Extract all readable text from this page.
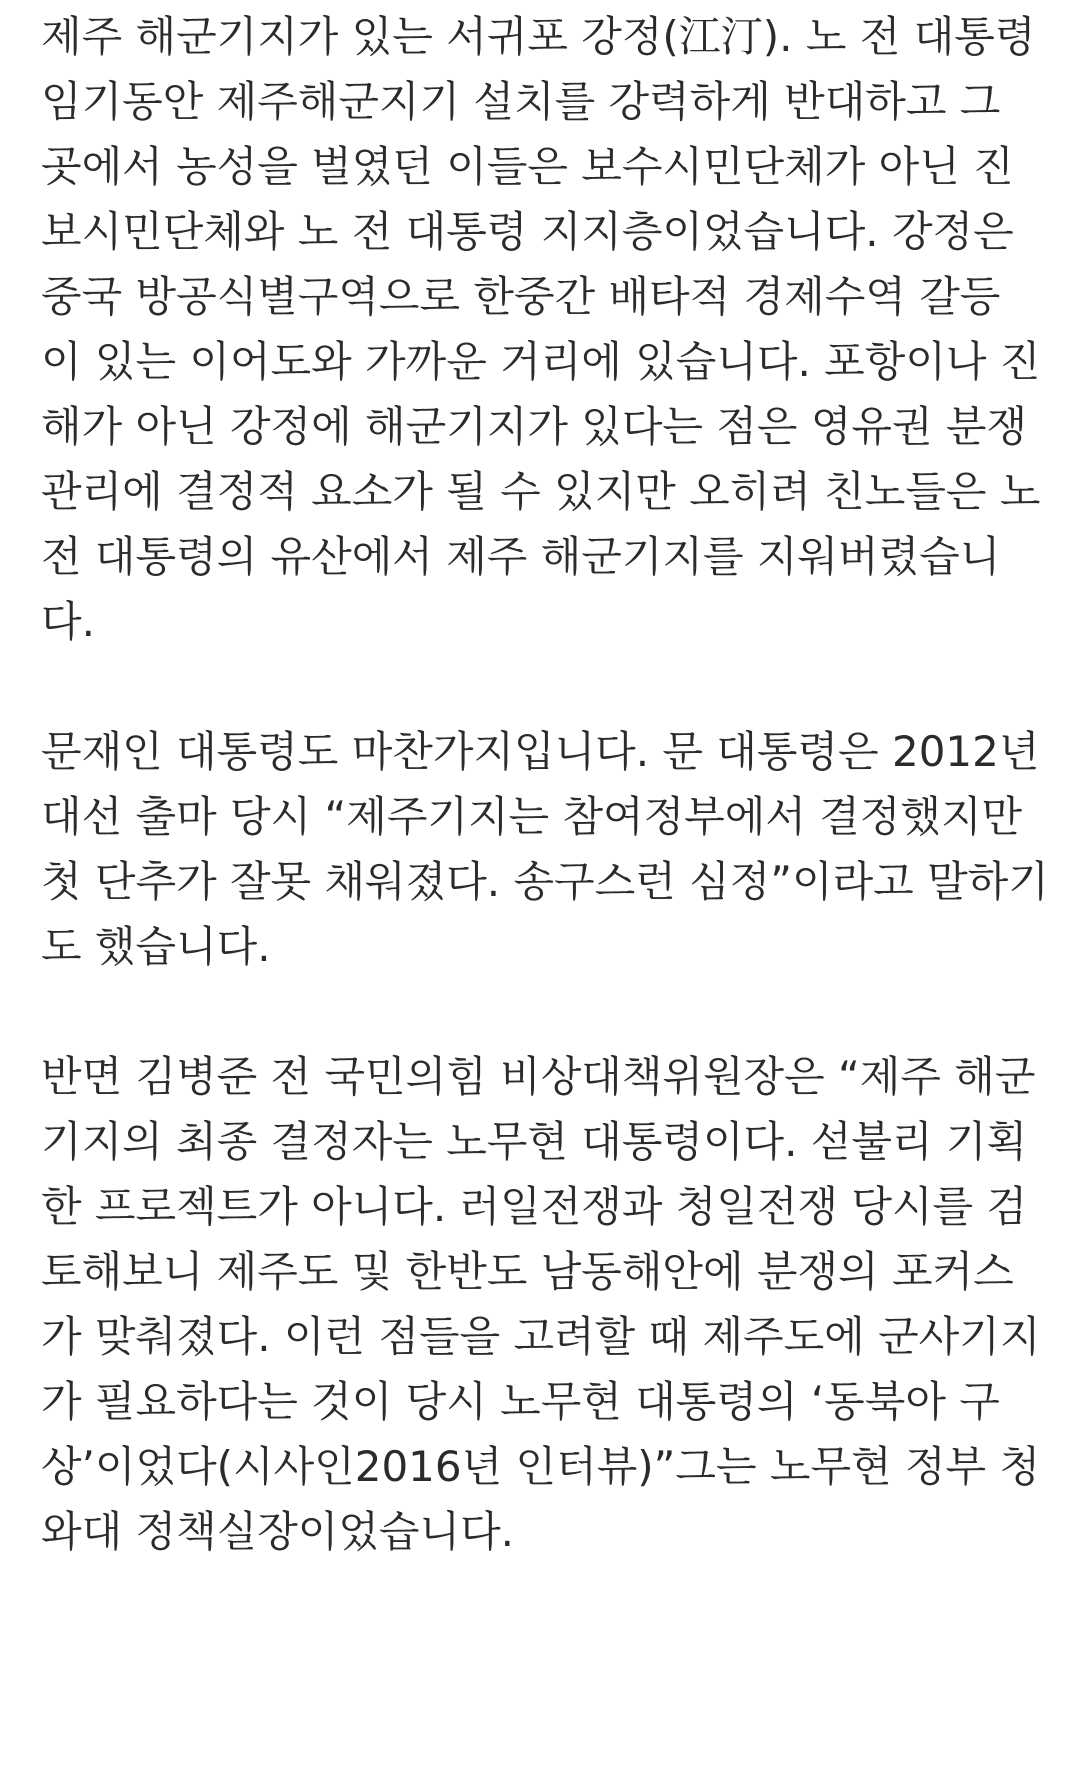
제주 해군기지가 있는 서귀포 강정(江汀). 노 전 대통령
임기동안 제주해군지기 설치를 강력하게 반대하고 그
곳에서 농성을 벌였던 이들은 보수시민단체가 아닌 진
보시민단체와 노 전 대통령 지지층이었습니다. 강정은
중국 방공식별구역으로 한중간 배타적 경제수역 갈등
이 있는 이어도와 가까운 거리에 있습니다. 포항이나 진
해가 아닌 강정에 해군기지가 있다는 점은 영유권 분쟁
관리에 결정적 요소가 될 수 있지만 오히려 친노들은 노
전 대통령의 유산에서 제주 해군기지를 지워버렸습니
다.
문재인 대통령도 마찬가지입니다. 문 대통령은 2012년
대선 출마 당시 “제주기지는 참여정부에서 결정했지만
첫 단추가 잘못 채워졌다. 송구스런 심정”이라고 말하기
도 했습니다.
반면 김병준 전 국민의힘 비상대책위원장은 “제주 해군
기지의 최종 결정자는 노무현 대통령이다. 섣불리 기획
한 프로젝트가 아니다. 러일전쟁과 청일전쟁 당시를 검
토해보니 제주도 및 한반도 남동해안에 분쟁의 포커스
가 맞춰졌다. 이런 점들을 고려할 때 제주도에 군사기지
가 필요하다는 것이 당시 노무현 대통령의 ‘동북아 구
상’이었다(시사인2016년 인터뷰)”그는 노무현 정부 청
와대 정책실장이었습니다.
